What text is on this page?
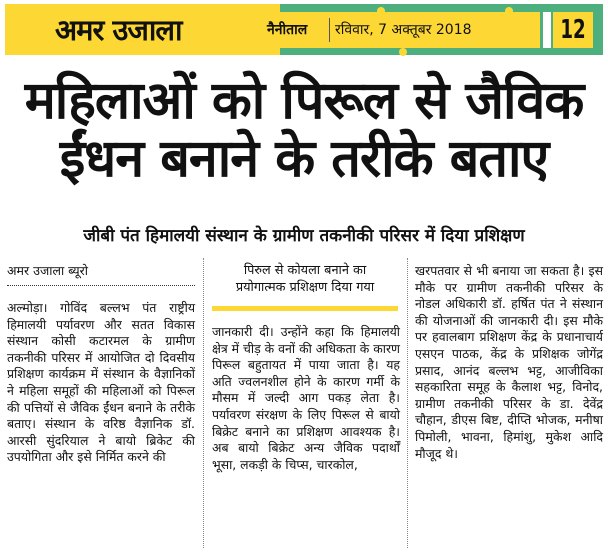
अमर उजाला	नैनीताल रविवार, 7 अक्तूबर 2018	12
महिलाओं को पिरूल से जैविक
ईंधन बनाने के तरीके बताए
जीबी पंत हिमालयी संस्थान के ग्रामीण तकनीकी परिसर में दिया प्रशिक्षण
अमर उजाला ब्यूरो

अल्मोड़ा। गोविंद बल्लभ पंत राष्ट्रीय हिमालयी पर्यावरण और सतत विकास संस्थान कोसी कटारमल के ग्रामीण तकनीकी परिसर में आयोजित दो दिवसीय प्रशिक्षण कार्यक्रम में संस्थान के वैज्ञानिकों ने महिला समूहों की महिलाओं को पिरूल की पत्तियों से जैविक ईंधन बनाने के तरीके बताए। संस्थान के वरिष्ठ वैज्ञानिक डॉ. आरसी सुंदरियाल ने बायो ब्रिकेट की उपयोगिता और इसे निर्मित करने की

पिरुल से कोयला बनाने का
प्रयोगात्मक प्रशिक्षण दिया गया

जानकारी दी। उन्होंने कहा कि हिमालयी क्षेत्र में चीड़ के वनों की अधिकता के कारण पिरूल बहुतायत में पाया जाता है। यह अति ज्वलनशील होने के कारण गर्मी के मौसम में जल्दी आग पकड़ लेता है। पर्यावरण संरक्षण के लिए पिरूल से बायो बिक्रेट बनाने का प्रशिक्षण आवश्यक है। अब बायो बिक्रेट अन्य जैविक पदार्थों भूसा, लकड़ी के चिप्स, चारकोल,

खरपतवार से भी बनाया जा सकता है। इस मौके पर ग्रामीण तकनीकी परिसर के नोडल अधिकारी डॉ. हर्षित पंत ने संस्थान की योजनाओं की जानकारी दी। इस मौके पर हवालबाग प्रशिक्षण केंद्र के प्रधानाचार्य एसएन पाठक, केंद्र के प्रशिक्षक जोगेंद्र प्रसाद, आनंद बल्लभ भट्ट, आजीविका सहकारिता समूह के कैलाश भट्ट, विनोद, ग्रामीण तकनीकी परिसर के डा. देवेंद्र चौहान, डीएस बिष्ट, दीप्ति भोजक, मनीषा पिमोली, भावना, हिमांशु, मुकेश आदि मौजूद थे।
